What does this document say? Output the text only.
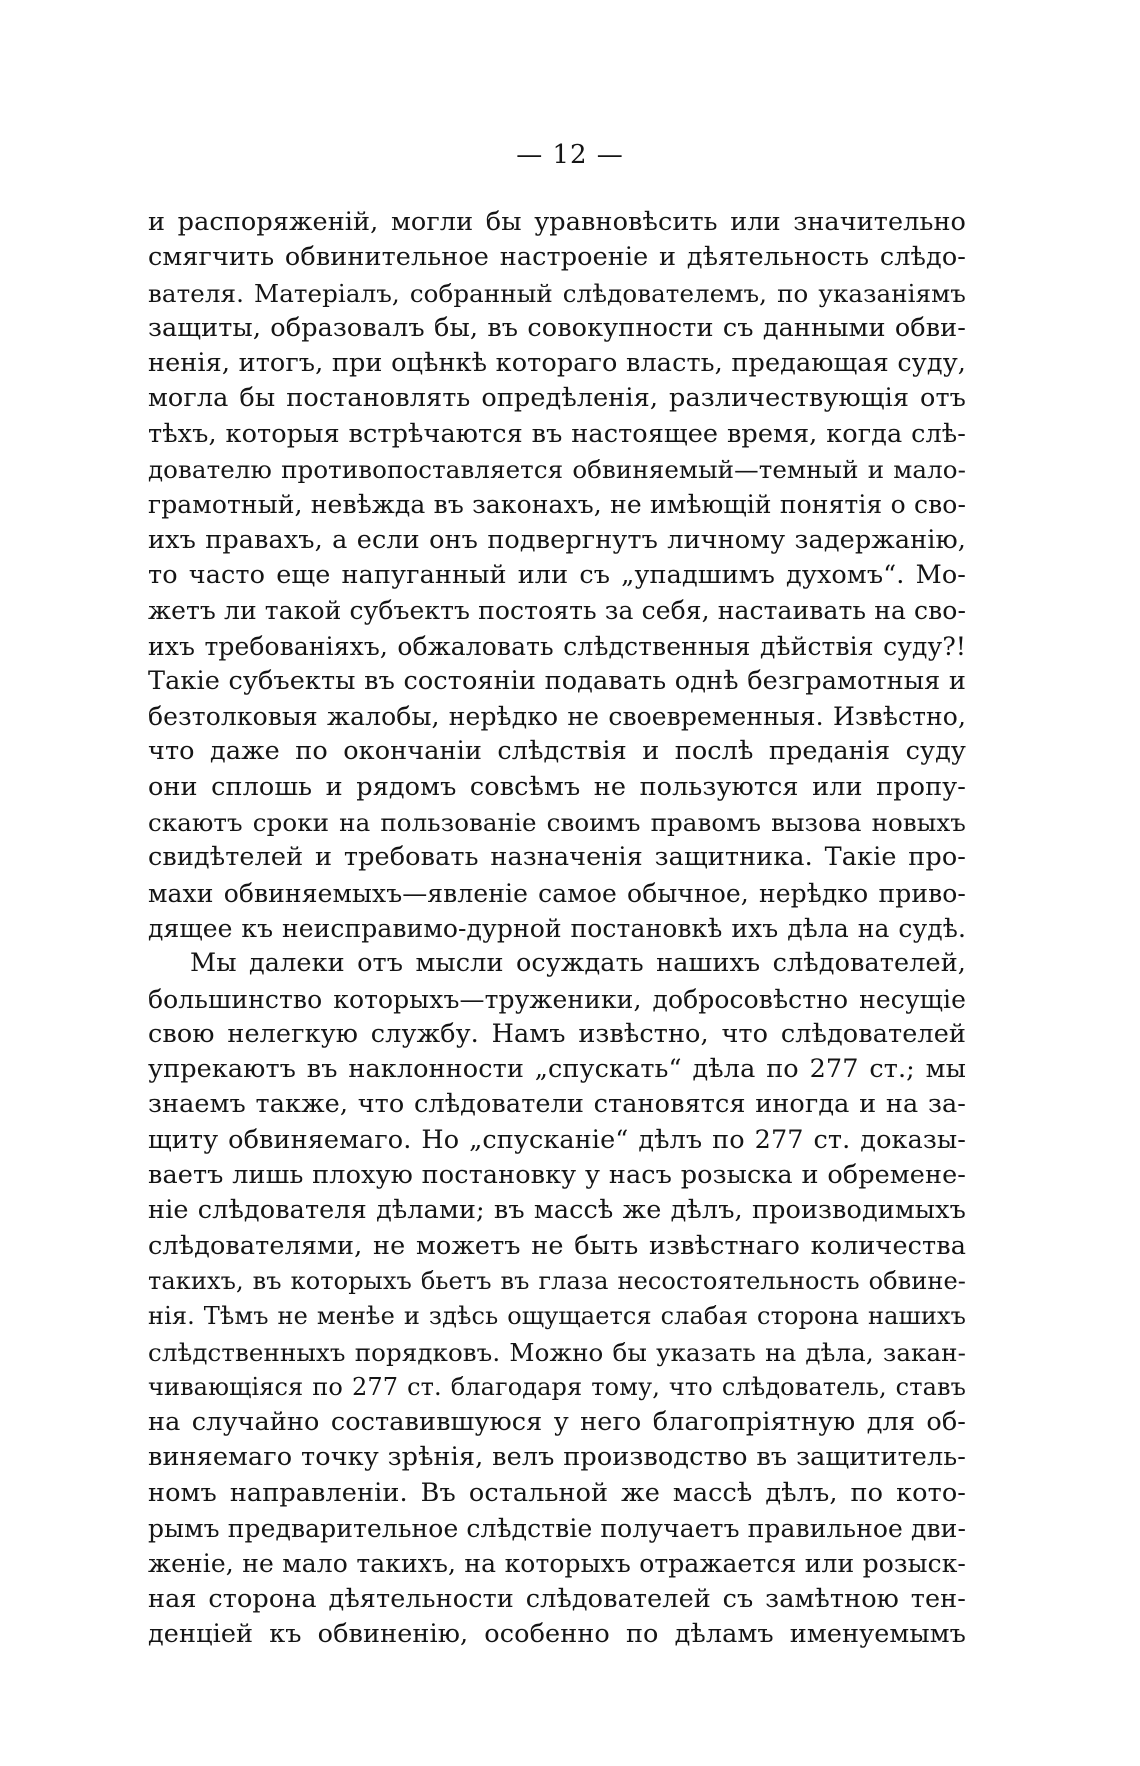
— 12 —
и распоряженій, могли бы уравновѣсить или значительно
смягчить обвинительное настроеніе и дѣятельность слѣдо-
вателя. Матеріалъ, собранный слѣдователемъ, по указаніямъ
защиты, образовалъ бы, въ совокупности съ данными обви-
ненія, итогъ, при оцѣнкѣ котораго власть, предающая суду,
могла бы постановлять опредѣленія, различествующія отъ
тѣхъ, которыя встрѣчаются въ настоящее время, когда слѣ-
дователю противопоставляется обвиняемый—темный и мало-
грамотный, невѣжда въ законахъ, не имѣющій понятія о сво-
ихъ правахъ, а если онъ подвергнутъ личному задержанію,
то часто еще напуганный или съ „упадшимъ духомъ“. Мо-
жетъ ли такой субъектъ постоять за себя, настаивать на сво-
ихъ требованіяхъ, обжаловать слѣдственныя дѣйствія суду?!
Такіе субъекты въ состояніи подавать однѣ безграмотныя и
безтолковыя жалобы, нерѣдко не своевременныя. Извѣстно,
что даже по окончаніи слѣдствія и послѣ преданія суду
они сплошь и рядомъ совсѣмъ не пользуются или пропу-
скаютъ сроки на пользованіе своимъ правомъ вызова новыхъ
свидѣтелей и требовать назначенія защитника. Такіе про-
махи обвиняемыхъ—явленіе самое обычное, нерѣдко приво-
дящее къ неисправимо-дурной постановкѣ ихъ дѣла на судѣ.
Мы далеки отъ мысли осуждать нашихъ слѣдователей,
большинство которыхъ—труженики, добросовѣстно несущіе
свою нелегкую службу. Намъ извѣстно, что слѣдователей
упрекаютъ въ наклонности „спускать“ дѣла по 277 ст.; мы
знаемъ также, что слѣдователи становятся иногда и на за-
щиту обвиняемаго. Но „спусканіе“ дѣлъ по 277 ст. доказы-
ваетъ лишь плохую постановку у насъ розыска и обремене-
ніе слѣдователя дѣлами; въ массѣ же дѣлъ, производимыхъ
слѣдователями, не можетъ не быть извѣстнаго количества
такихъ, въ которыхъ бьетъ въ глаза несостоятельность обвине-
нія. Тѣмъ не менѣе и здѣсь ощущается слабая сторона нашихъ
слѣдственныхъ порядковъ. Можно бы указать на дѣла, закан-
чивающіяся по 277 ст. благодаря тому, что слѣдователь, ставъ
на случайно составившуюся у него благопріятную для об-
виняемаго точку зрѣнія, велъ производство въ защититель-
номъ направленіи. Въ остальной же массѣ дѣлъ, по кото-
рымъ предварительное слѣдствіе получаетъ правильное дви-
женіе, не мало такихъ, на которыхъ отражается или розыск-
ная сторона дѣятельности слѣдователей съ замѣтною тен-
денціей къ обвиненію, особенно по дѣламъ именуемымъ
